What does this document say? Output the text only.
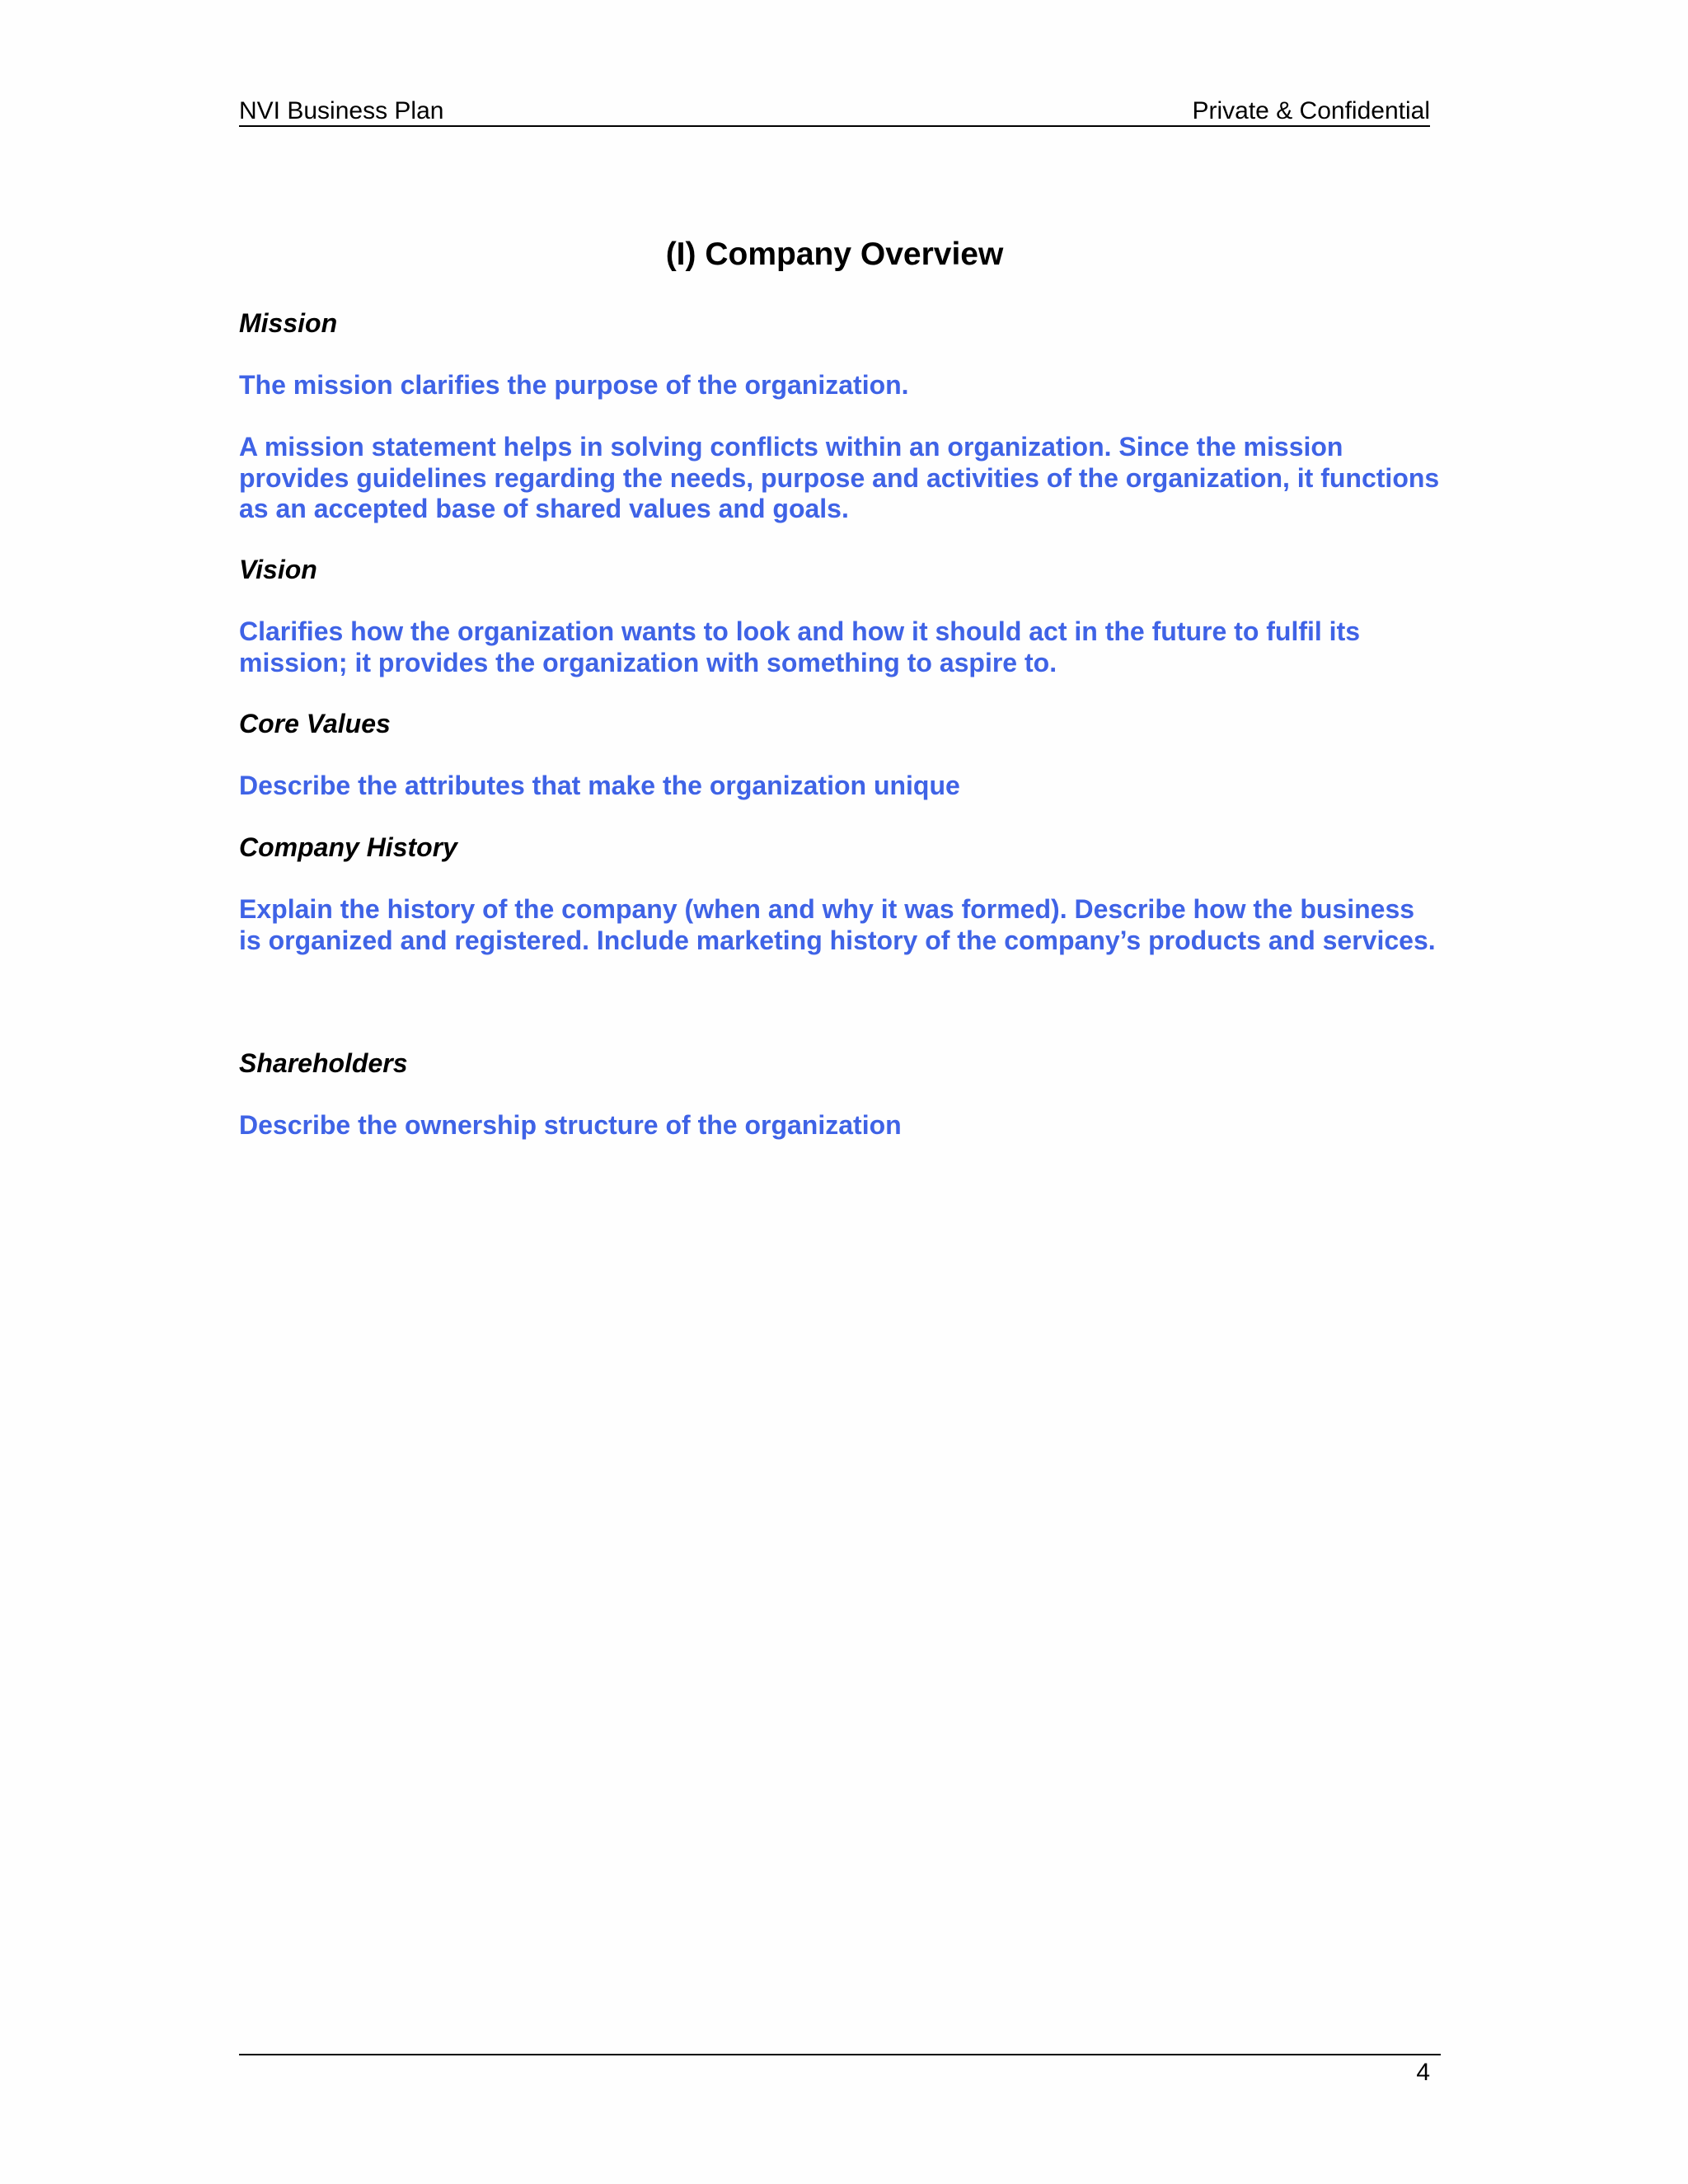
NVI Business Plan	Private & Confidential
(I) Company Overview
Mission
The mission clarifies the purpose of the organization.
A mission statement helps in solving conflicts within an organization. Since the mission provides guidelines regarding the needs, purpose and activities of the organization, it functions as an accepted base of shared values and goals.
Vision
Clarifies how the organization wants to look and how it should act in the future to fulfil its mission; it provides the organization with something to aspire to.
Core Values
Describe the attributes that make the organization unique
Company History
Explain the history of the company (when and why it was formed). Describe how the business is organized and registered. Include marketing history of the company’s products and services.
Shareholders
Describe the ownership structure of the organization
4
